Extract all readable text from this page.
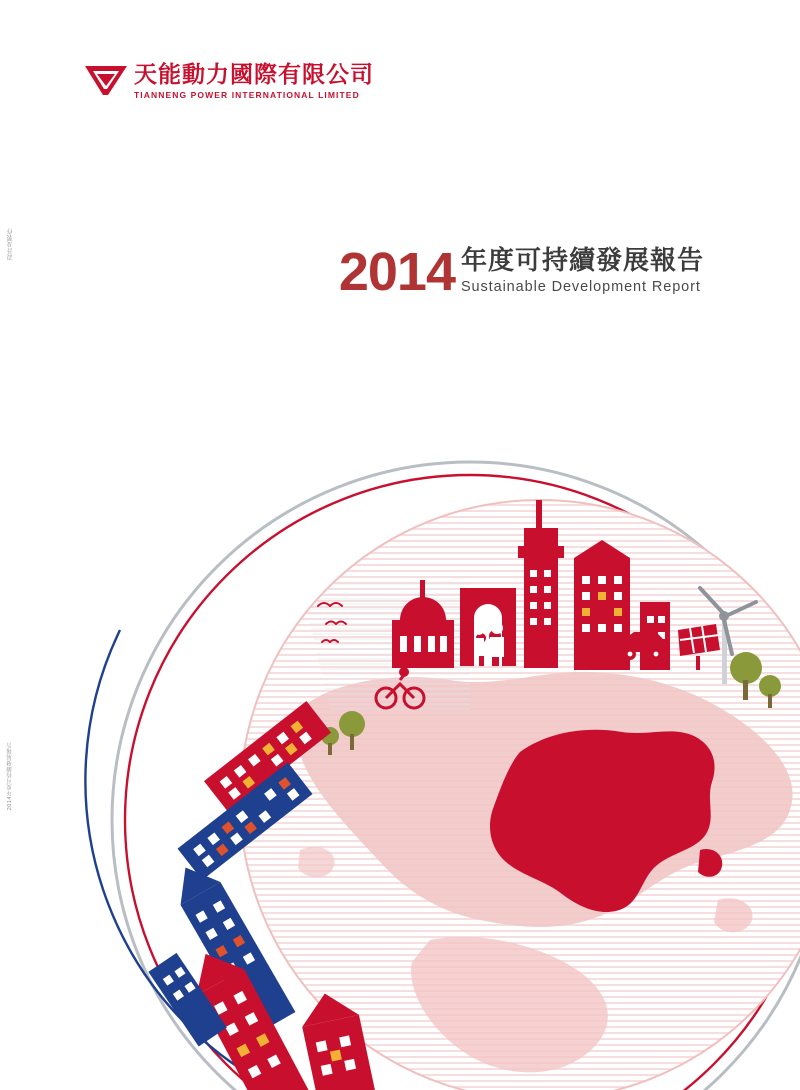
天能動力國際有限公司
TIANNENG POWER INTERNATIONAL LIMITED
2014 年度可持續發展報告
Sustainable Development Report
設計及製作
2014年度可持續發展報告
